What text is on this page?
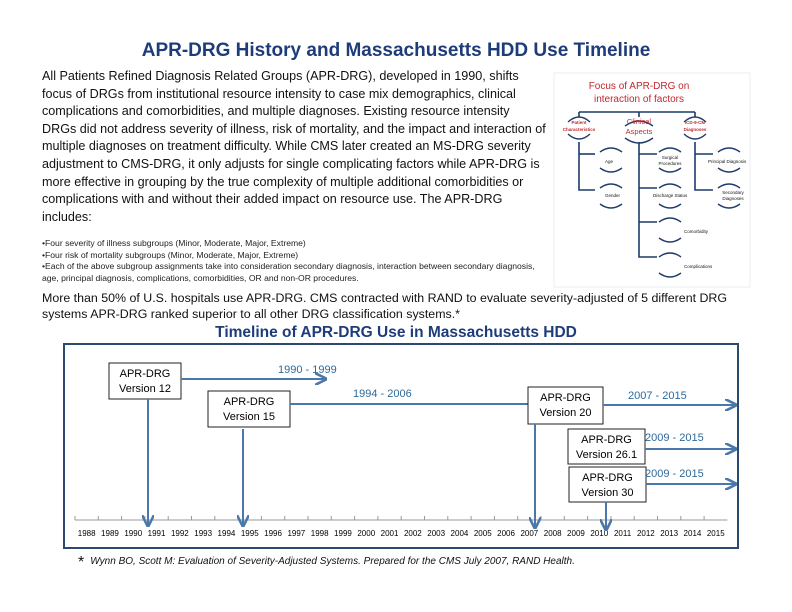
APR-DRG History and Massachusetts HDD Use Timeline
All Patients Refined Diagnosis Related Groups (APR-DRG), developed in 1990, shifts focus of DRGs from institutional resource intensity to case mix demographics, clinical complications and comorbidities, and multiple diagnoses. Existing resource intensity DRGs did not address severity of illness, risk of mortality, and the impact and interaction of multiple diagnoses on treatment difficulty. While CMS later created an MS-DRG severity adjustment to CMS-DRG, it only adjusts for single complicating factors while APR-DRG is more effective in grouping by the true complexity of multiple additional comorbidities or complications with and without their added impact on resource use. The APR-DRG includes:
•Four severity of illness subgroups (Minor, Moderate, Major, Extreme)
•Four risk of mortality subgroups (Minor, Moderate, Major, Extreme)
•Each of the above subgroup assignments take into consideration secondary diagnosis, interaction between secondary diagnosis, age, principal diagnosis, complications, comorbidities, OR and non-OR procedures.
Focus of APR-DRG on
interaction of factors
Patient
Characteristics
Clinical
Aspects
ICD-9-CM
Diagnoses
Age
Gender
Surgical
Procedures
Discharge Status
Comorbidity
Complications
Principal Diagnosis
Secondary
Diagnoses
More than 50% of U.S. hospitals use APR-DRG. CMS contracted with RAND to evaluate severity-adjusted of 5 different DRG systems APR-DRG ranked superior to all other DRG classification systems.*
Timeline of APR-DRG Use in Massachusetts HDD
1988 1989 1990 1991 1992 1993 1994 1995 1996 1997 1998 1999 2000 2001 2002 2003 2004 2005 2006 2007 2008 2009 2010 2011 2012 2013 2014 2015
APR-DRG
Version 12
1990 - 1999
APR-DRG
Version 15
1994 - 2006	APR-DRG
Version 20
2007 - 2015
APR-DRG
Version 26.1
2009 - 2015
APR-DRG
Version 30
2009 - 2015
* Wynn BO, Scott M: Evaluation of Severity-Adjusted Systems. Prepared for the CMS July 2007, RAND Health.
